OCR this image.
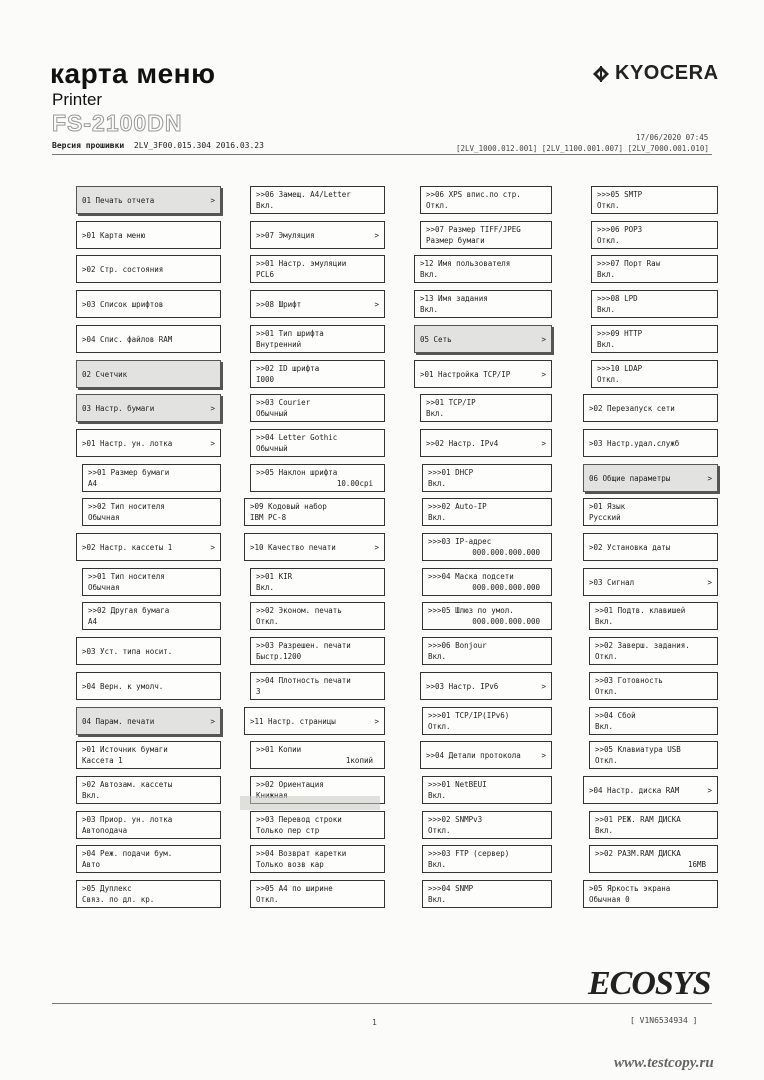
карта меню
Printer
FS-2100DN
Версия прошивки 2LV_3F00.015.304 2016.03.23
KYOCERA
17/06/2020 07:45
[2LV_1000.012.001] [2LV_1100.001.007] [2LV_7000.001.010]
01 Печать отчета	>
>01 Карта меню
>02 Стр. состояния
>03 Список шрифтов
>04 Спис. файлов RAM
02 Счетчик
03 Настр. бумаги	>
>01 Настр. ун. лотка	>
>>01 Размер бумаги
A4
>>02 Тип носителя
Обычная
>02 Настр. кассеты 1	>
>>01 Тип носителя
Обычная
>>02 Другая бумага
A4
>03 Уст. типа носит.
>04 Верн. к умолч.
04 Парам. печати	>
>01 Источник бумаги
Кассета 1
>02 Автозам. кассеты
Вкл.
>03 Приор. ун. лотка
Автоподача
>04 Реж. подачи бум.
Авто
>05 Дуплекс
Связ. по дл. кр.
>>06 Замещ. A4/Letter
Вкл.
>>07 Эмуляция	>
>>01 Настр. эмуляции
PCL6
>>08 Шрифт	>
>>01 Тип шрифта
Внутренний
>>02 ID шрифта
I000
>>03 Courier
Обычный
>>04 Letter Gothic
Обычный
>>05 Наклон шрифта
10.00cpi
>09 Кодовый набор
IBM PC-8
>10 Качество печати	>
>>01 KIR
Вкл.
>>02 Эконом. печать
Откл.
>>03 Разрешен. печати
Быстр.1200
>>04 Плотность печати
3
>11 Настр. страницы	>
>>01 Копии
1копий
>>02 Ориентация
>>03 Перевод строки
Только пер стр
>>04 Возврат каретки
Только возв кар
>>05 A4 по ширине
Откл.
>>06 XPS впис.по стр.
Откл.
>>07 Размер TIFF/JPEG
Размер бумаги
>12 Имя пользователя
Вкл.
>13 Имя задания
Вкл.
05 Сеть	>
>01 Настройка TCP/IP	>
>>01 TCP/IP
Вкл.
>>02 Настр. IPv4	>
>>>01 DHCP
Вкл.
>>>02 Auto-IP
Вкл.
>>>03 IP-адрес
000.000.000.000
>>>04 Маска подсети
000.000.000.000
>>>05 Шлюз по умол.
000.000.000.000
>>>06 Bonjour
Вкл.
>>03 Настр. IPv6	>
>>>01 TCP/IP(IPv6)
Откл.
>>04 Детали протокола	>
>>>01 NetBEUI
Вкл.
>>>02 SNMPv3
Откл.
>>>03 FTP (сервер)
Вкл.
>>>04 SNMP
Вкл.
>>>05 SMTP
Откл.
>>>06 POP3
Откл.
>>>07 Порт Raw
Вкл.
>>>08 LPD
Вкл.
>>>09 HTTP
Вкл.
>>>10 LDAP
Откл.
>02 Перезапуск сети
>03 Настр.удал.служб
06 Общие параметры	>
>01 Язык
Русский
>02 Установка даты
>03 Сигнал	>
>>01 Подтв. клавишей
Вкл.
>>02 Заверш. задания.
Откл.
>>03 Готовность
Откл.
>>04 Сбой
Вкл.
>>05 Клавиатура USB
Откл.
>04 Настр. диска RAM	>
>>01 РЕЖ. RAM ДИСКА
Вкл.
>>02 РАЗМ.RAM ДИСКА
16MB
>05 Яркость экрана
Обычная 0
ECOSYS
1	[ V1N6534934 ]
www.testcopy.ru
